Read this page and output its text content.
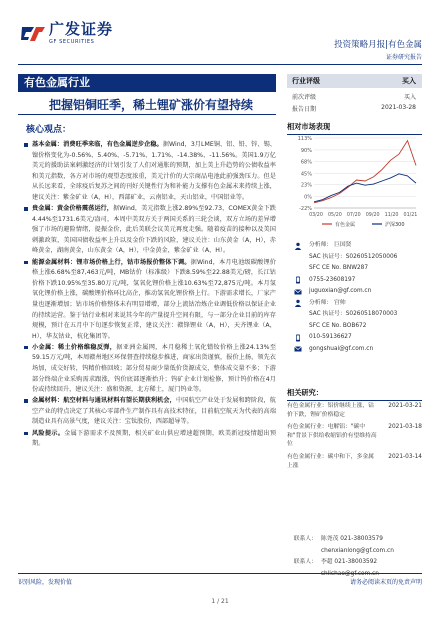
广发证券
GF SECURITIES	投资策略月报|有色金属
证券研究报告
有色金属行业
把握铝铜旺季，稀土锂矿涨价有望持续
核心观点：
基本金属：消费旺季来临，有色金属逆步企稳。据Wind，3月LME铜、铝、铅、锌、锡、镍价格变化为-0.56%、5.40%、-5.71%、1.71%、-14.38%、-11.56%。美国1.9万亿美元的援助法案刺激经济的计划引发了人们对通胀的预期，加上美上升趋势的公债收益率和美元指数，各方对市场的观望态度浓重，美元汁价的大宗商品电池此前强劲压力。但是从长远来看，全球疫后复苏之间的刊好关键性行为和补能力支撑有色金属未来持续上涨，建议关注：紫金矿业（A，H），西部矿业，云南铝业，天山铝业，中国铝业等。
贵金属：黄金价格震荡运行，据Wind，美元指数上涨2.89%至92.73，COMEX黄金下跌4.44%至1731.6美元/盎司，本周中美双方关于两国关系的三轮会谈，双方立场的差异增强了市场的避险情绪，提振金价，此后美联会议美元再度走强。随着疫苗的接种以及美国刺激政策，美国国债收益率上升以及金价下跌的风险，建议关注：山东黄金（A，H），赤峰黄金，湖南黄金，山东黄金（A，H），中金黄金，紫金矿业（A，H）。
能源金属材料：锂市场价格上行，钴市场报价整体下调。据Wind，本月电池级碳酸锂价格上涨6.68%至87,463元/吨，MB钴价（标准级）下跌8.59%至22.88美元/磅，长江钴价格下跌10.95%至35.80万元/吨，氢氧化锂价格上涨10.63%至72,875元/吨。本月氢氧化锂价格上涨，碳酸锂价格环比高企，推动氢氧化锂价格上行。下游需求增长，厂家产量也逐渐增加；钴市场价格整体未有明显增增，部分上流钴冶炼企业调低价格以保证企业的持续运营。鉴于钴行业相对来说其今年的产量提升空间有限，与一部分企业目前的库存规模，预计在五月中下旬逐步恢复正常，建议关注：赣锋锂业（A，H），天齐锂业（A，H），华友钴业，杭化集团等。
小金属：稀土价格维稳反弹，据亚洲金属网，本月稳稀土氧化镨钕价格上涨24.13%至59.15万元/吨，本周赣州地区环保督查持续稳步推进，商家出货谨慎，报价上扬，领先衣场加，成交好转，钨精价格回坡；部分贸易商少量低价货源成交，整体成交量不多；下游部分终端企业采购需求跟涨，钨价底部逐渐抬升；钨矿企业计划检修，预计钨价格在4月份或持续回升，建议关注：盛和资源，北方稀土，厦门钨业等。
金属材料：航空材料与通讯材料有望长期获利机会，中国航空产业处于发展和跨阶段，航空产业的特点决定了其核心零部件生产制作具有高技术特征，目前航空航天为代表的高端制造业具有高景气度，建议关注：宝钛股份，西部超导等。
风险提示。金属下游需求不及预期，相关矿业山供应增速超预期，欧美新冠疫情超出预期。
行业评级	买入
前次评级	买入
报告日期	2021-03-28
相对市场表现
113%
90%
68%
45%
23%
0%
-22%
03/20 05/20 07/20 09/20 11/20 01/21
有色金属	沪深300
分析师： 巨国贤
SAC 执证号：S0260512050006
SFC CE No. BNW287
0755-23608197
juguoxian@gf.com.cn
分析师： 宫帅
SAC 执证号：S0260518070003
SFC CE No. BOB672
010-59136627
gongshuai@gf.com.cn
相关研究：
有色金属行业：铝价继续上涨，钴价下跌，锂矿价格稳定
2021-03-21
有色金属行业：电解铝："碳中和"背景下供给收缩铝价有望维持高位
2021-03-18
有色金属行业：碳中和下，多金属上涨
2021-03-14
联系人： 陈尧茂 021-38003579
chenxianlong@gf.com.cn
联系人： 李超 021-38003592
识别风险，发现价值	请务必阅读末页的免责声明
1 / 21
